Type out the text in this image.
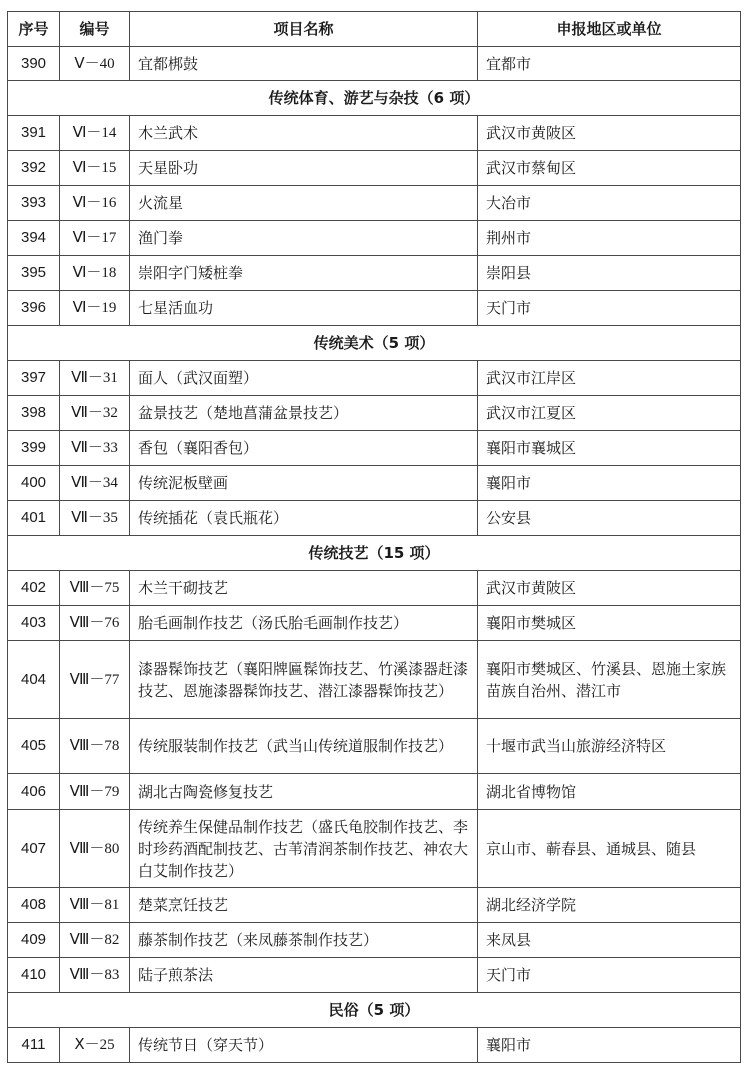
序号	编号	项目名称	申报地区或单位
390	Ⅴ－40	宜都梆鼓	宜都市
传统体育、游艺与杂技（6 项）			
391	Ⅵ－14	木兰武术	武汉市黄陂区
392	Ⅵ－15	天星卧功	武汉市蔡甸区
393	Ⅵ－16	火流星	大冶市
394	Ⅵ－17	渔门拳	荆州市
395	Ⅵ－18	崇阳字门矮桩拳	崇阳县
396	Ⅵ－19	七星活血功	天门市
传统美术（5 项）			
397	Ⅶ－31	面人（武汉面塑）	武汉市江岸区
398	Ⅶ－32	盆景技艺（楚地菖蒲盆景技艺）	武汉市江夏区
399	Ⅶ－33	香包（襄阳香包）	襄阳市襄城区
400	Ⅶ－34	传统泥板壁画	襄阳市
401	Ⅶ－35	传统插花（袁氏瓶花）	公安县
传统技艺（15 项）			
402	Ⅷ－75	木兰干砌技艺	武汉市黄陂区
403	Ⅷ－76	胎毛画制作技艺（汤氏胎毛画制作技艺）	襄阳市樊城区
404	Ⅷ－77	漆器髹饰技艺（襄阳牌匾髹饰技艺、竹溪漆器赶漆技艺、恩施漆器髹饰技艺、潜江漆器髹饰技艺）	襄阳市樊城区、竹溪县、恩施土家族苗族自治州、潜江市
405	Ⅷ－78	传统服装制作技艺（武当山传统道服制作技艺）	十堰市武当山旅游经济特区
406	Ⅷ－79	湖北古陶瓷修复技艺	湖北省博物馆
407	Ⅷ－80	传统养生保健品制作技艺（盛氏龟胶制作技艺、李时珍药酒配制技艺、古苇清润茶制作技艺、神农大白艾制作技艺）	京山市、蕲春县、通城县、随县
408	Ⅷ－81	楚菜烹饪技艺	湖北经济学院
409	Ⅷ－82	藤茶制作技艺（来凤藤茶制作技艺）	来凤县
410	Ⅷ－83	陆子煎茶法	天门市
民俗（5 项）			
411	Ⅹ－25	传统节日（穿天节）	襄阳市
